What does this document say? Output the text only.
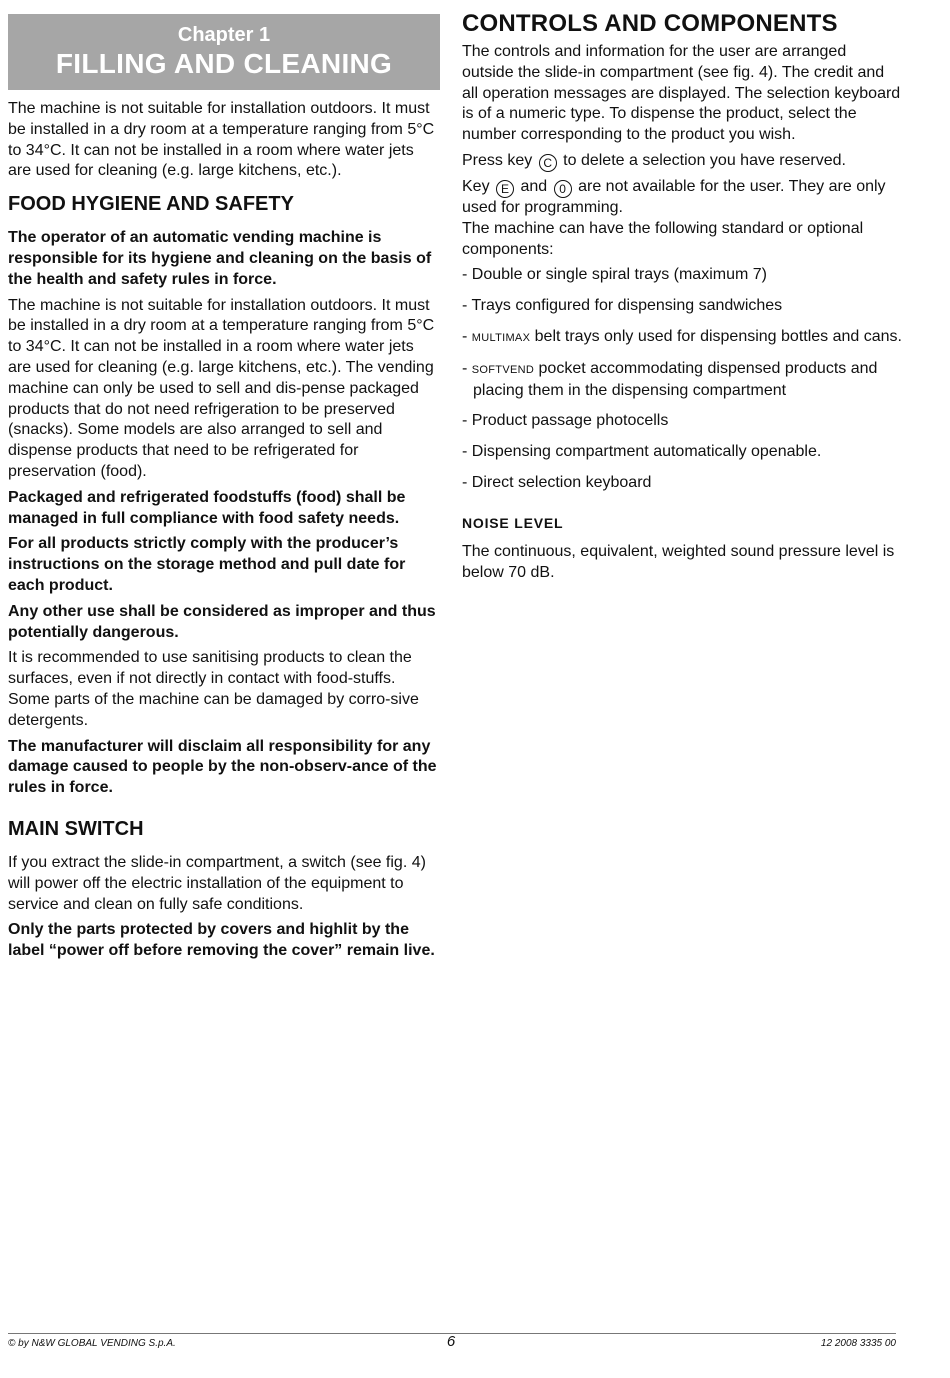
Chapter 1
FILLING AND CLEANING

The machine is not suitable for installation outdoors. It must be installed in a dry room at a temperature ranging from 5°C to 34°C. It can not be installed in a room where water jets are used for cleaning (e.g. large kitchens, etc.).

FOOD HYGIENE AND SAFETY

The operator of an automatic vending machine is responsible for its hygiene and cleaning on the basis of the health and safety rules in force.

The machine is not suitable for installation outdoors. It must be installed in a dry room at a temperature ranging from 5°C to 34°C. It can not be installed in a room where water jets are used for cleaning (e.g. large kitchens, etc.). The vending machine can only be used to sell and dis-pense packaged products that do not need refrigeration to be preserved (snacks). Some models are also arranged to sell and dispense products that need to be refrigerated for preservation (food).

Packaged and refrigerated foodstuffs (food) shall be managed in full compliance with food safety needs.

For all products strictly comply with the producer’s instructions on the storage method and pull date for each product.

Any other use shall be considered as improper and thus potentially dangerous.

It is recommended to use sanitising products to clean the surfaces, even if not directly in contact with food-stuffs. Some parts of the machine can be damaged by corro-sive detergents.

The manufacturer will disclaim all responsibility for any damage caused to people by the non-observ-ance of the rules in force.

MAIN SWITCH

If you extract the slide-in compartment, a switch (see fig. 4) will power off the electric installation of the equipment to service and clean on fully safe conditions.

Only the parts protected by covers and highlit by the label “power off before removing the cover” remain live.

CONTROLS AND COMPONENTS

The controls and information for the user are arranged outside the slide-in compartment (see fig. 4). The credit and all operation messages are displayed. The selection keyboard is of a numeric type. To dispense the product, select the number corresponding to the product you wish.

Press key C to delete a selection you have reserved.

Key E and 0 are not available for the user. They are only used for programming.

The machine can have the following standard or optional components:

- Double or single spiral trays (maximum 7)
- Trays configured for dispensing sandwiches
- MULTIMAX belt trays only used for dispensing bottles and cans.
- SOFTVEND pocket accommodating dispensed products and placing them in the dispensing compartment
- Product passage photocells
- Dispensing compartment automatically openable.
- Direct selection keyboard
NOISE LEVEL

The continuous, equivalent, weighted sound pressure level is below 70 dB.

© by N&W GLOBAL VENDING S.p.A.	6	12 2008 3335 00
